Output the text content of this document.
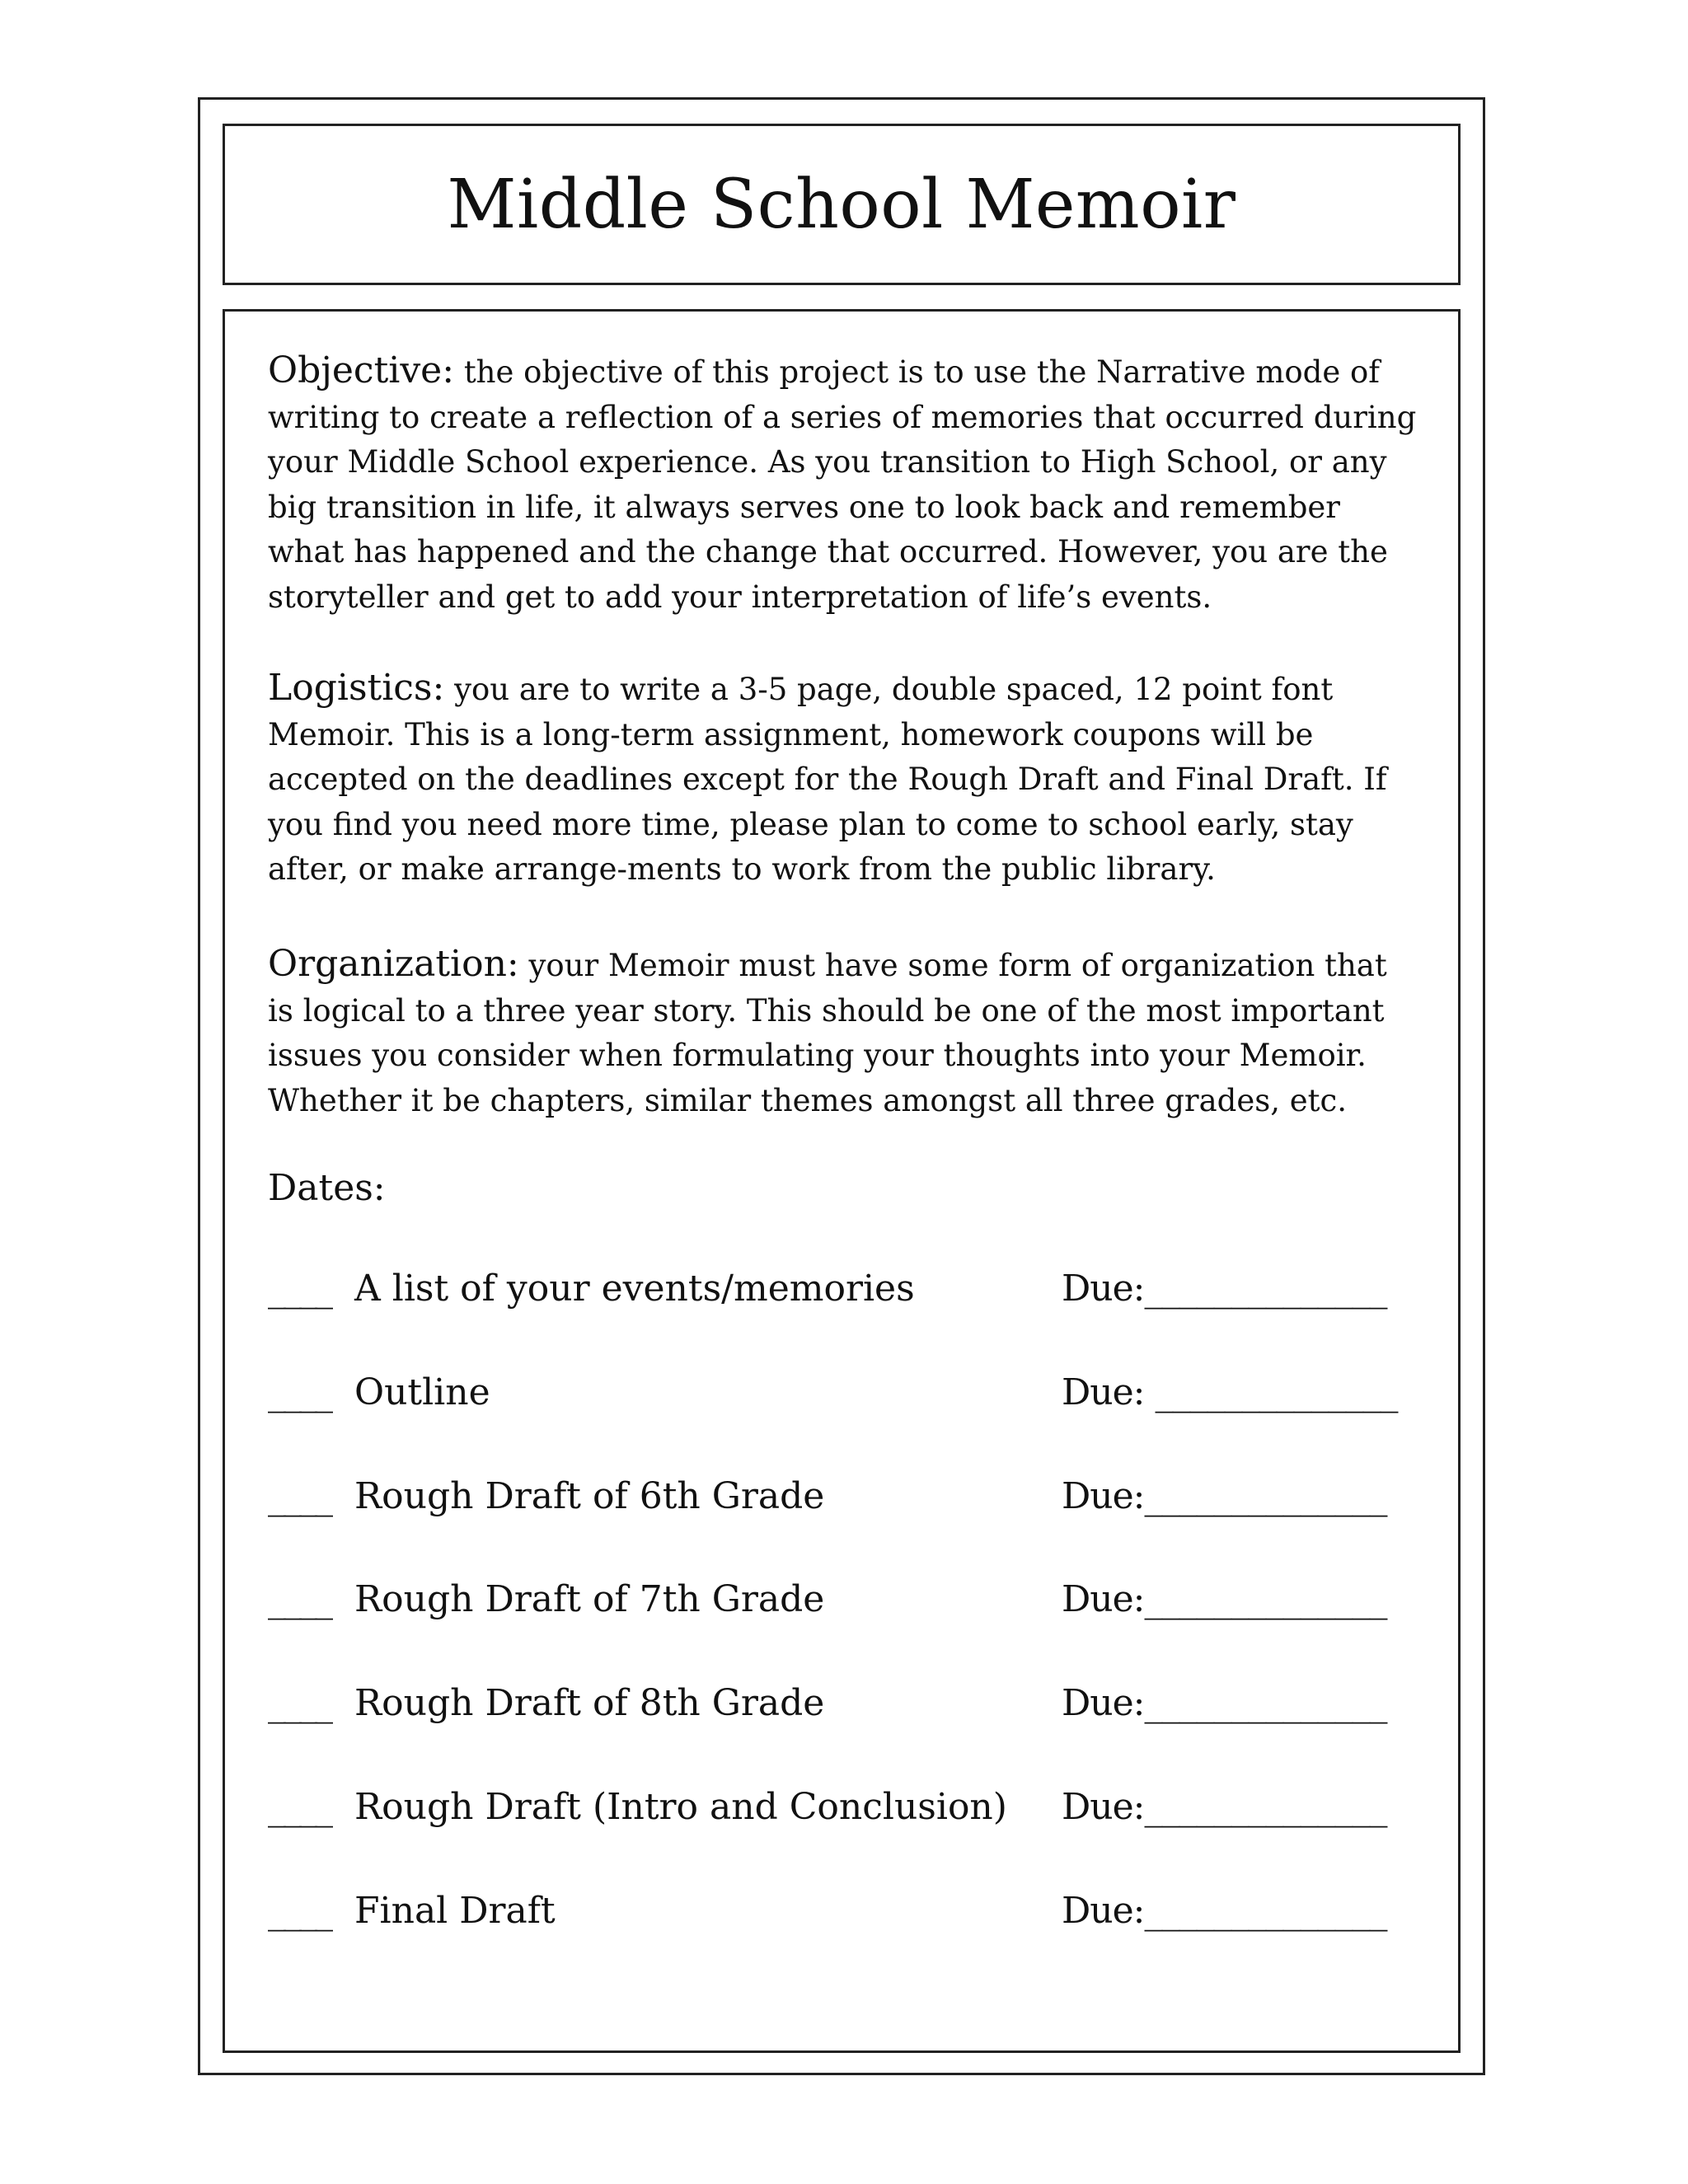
Middle School Memoir

Objective: the objective of this project is to use the Narrative mode of writing to create a reflection of a series of memories that occurred during your Middle School experience. As you transition to High School, or any big transition in life, it always serves one to look back and remember what has happened and the change that occurred. However, you are the storyteller and get to add your interpretation of life’s events.

Logistics: you are to write a 3-5 page, double spaced, 12 point font Memoir. This is a long-term assignment, homework coupons will be accepted on the deadlines except for the Rough Draft and Final Draft. If you find you need more time, please plan to come to school early, stay after, or make arrange-ments to work from the public library.

Organization: your Memoir must have some form of organization that is logical to a three year story. This should be one of the most important issues you consider when formulating your thoughts into your Memoir. Whether it be chapters, similar themes amongst all three grades, etc.

Dates:
____ A list of your events/memories	Due:______________
____ Outline	Due: ______________
____ Rough Draft of 6th Grade	Due:______________
____ Rough Draft of 7th Grade	Due:______________
____ Rough Draft of 8th Grade	Due:______________
____ Rough Draft (Intro and Conclusion) Due:______________
____ Final Draft	Due:______________
